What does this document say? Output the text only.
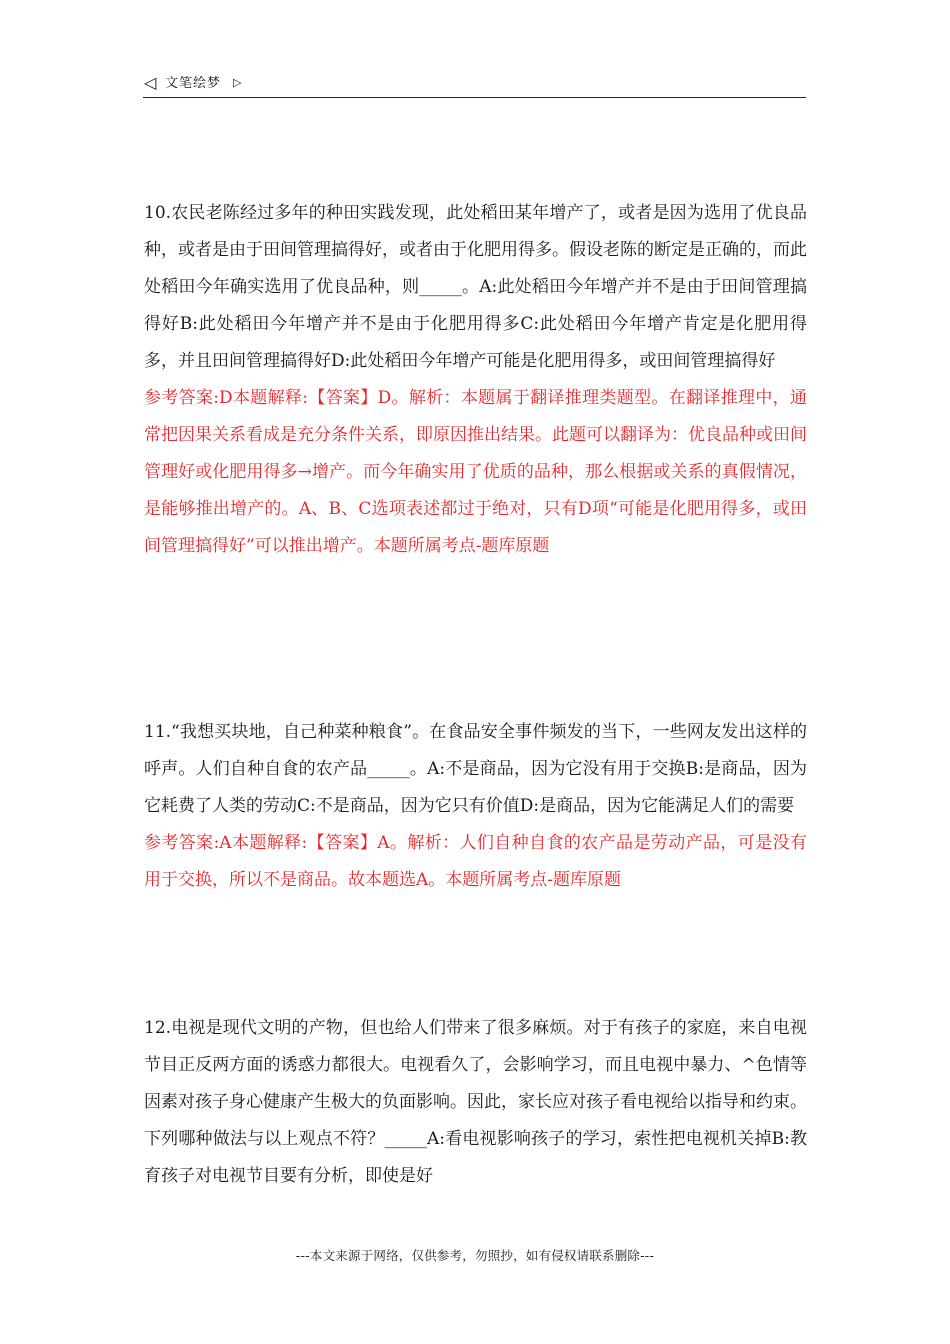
◁ 文笔绘梦 ▷
10.农民老陈经过多年的种田实践发现，此处稻田某年增产了，或者是因为选用了优良品种，或者是由于田间管理搞得好，或者由于化肥用得多。假设老陈的断定是正确的，而此处稻田今年确实选用了优良品种，则_____。A:此处稻田今年增产并不是由于田间管理搞得好B:此处稻田今年增产并不是由于化肥用得多C:此处稻田今年增产肯定是化肥用得多，并且田间管理搞得好D:此处稻田今年增产可能是化肥用得多，或田间管理搞得好
参考答案:D本题解释:【答案】D。解析：本题属于翻译推理类题型。在翻译推理中，通常把因果关系看成是充分条件关系，即原因推出结果。此题可以翻译为：优良品种或田间管理好或化肥用得多→增产。而今年确实用了优质的品种，那么根据或关系的真假情况，是能够推出增产的。A、B、C选项表述都过于绝对，只有D项“可能是化肥用得多，或田间管理搞得好”可以推出增产。本题所属考点-题库原题
11.“我想买块地，自己种菜种粮食”。在食品安全事件频发的当下，一些网友发出这样的呼声。人们自种自食的农产品_____。A:不是商品，因为它没有用于交换B:是商品，因为它耗费了人类的劳动C:不是商品，因为它只有价值D:是商品，因为它能满足人们的需要
参考答案:A本题解释:【答案】A。解析：人们自种自食的农产品是劳动产品，可是没有用于交换，所以不是商品。故本题选A。本题所属考点-题库原题
12.电视是现代文明的产物，但也给人们带来了很多麻烦。对于有孩子的家庭，来自电视节目正反两方面的诱惑力都很大。电视看久了，会影响学习，而且电视中暴力、^色情等因素对孩子身心健康产生极大的负面影响。因此，家长应对孩子看电视给以指导和约束。下列哪种做法与以上观点不符？_____A:看电视影响孩子的学习，索性把电视机关掉B:教育孩子对电视节目要有分析，即使是好
---本文来源于网络，仅供参考，勿照抄，如有侵权请联系删除---
